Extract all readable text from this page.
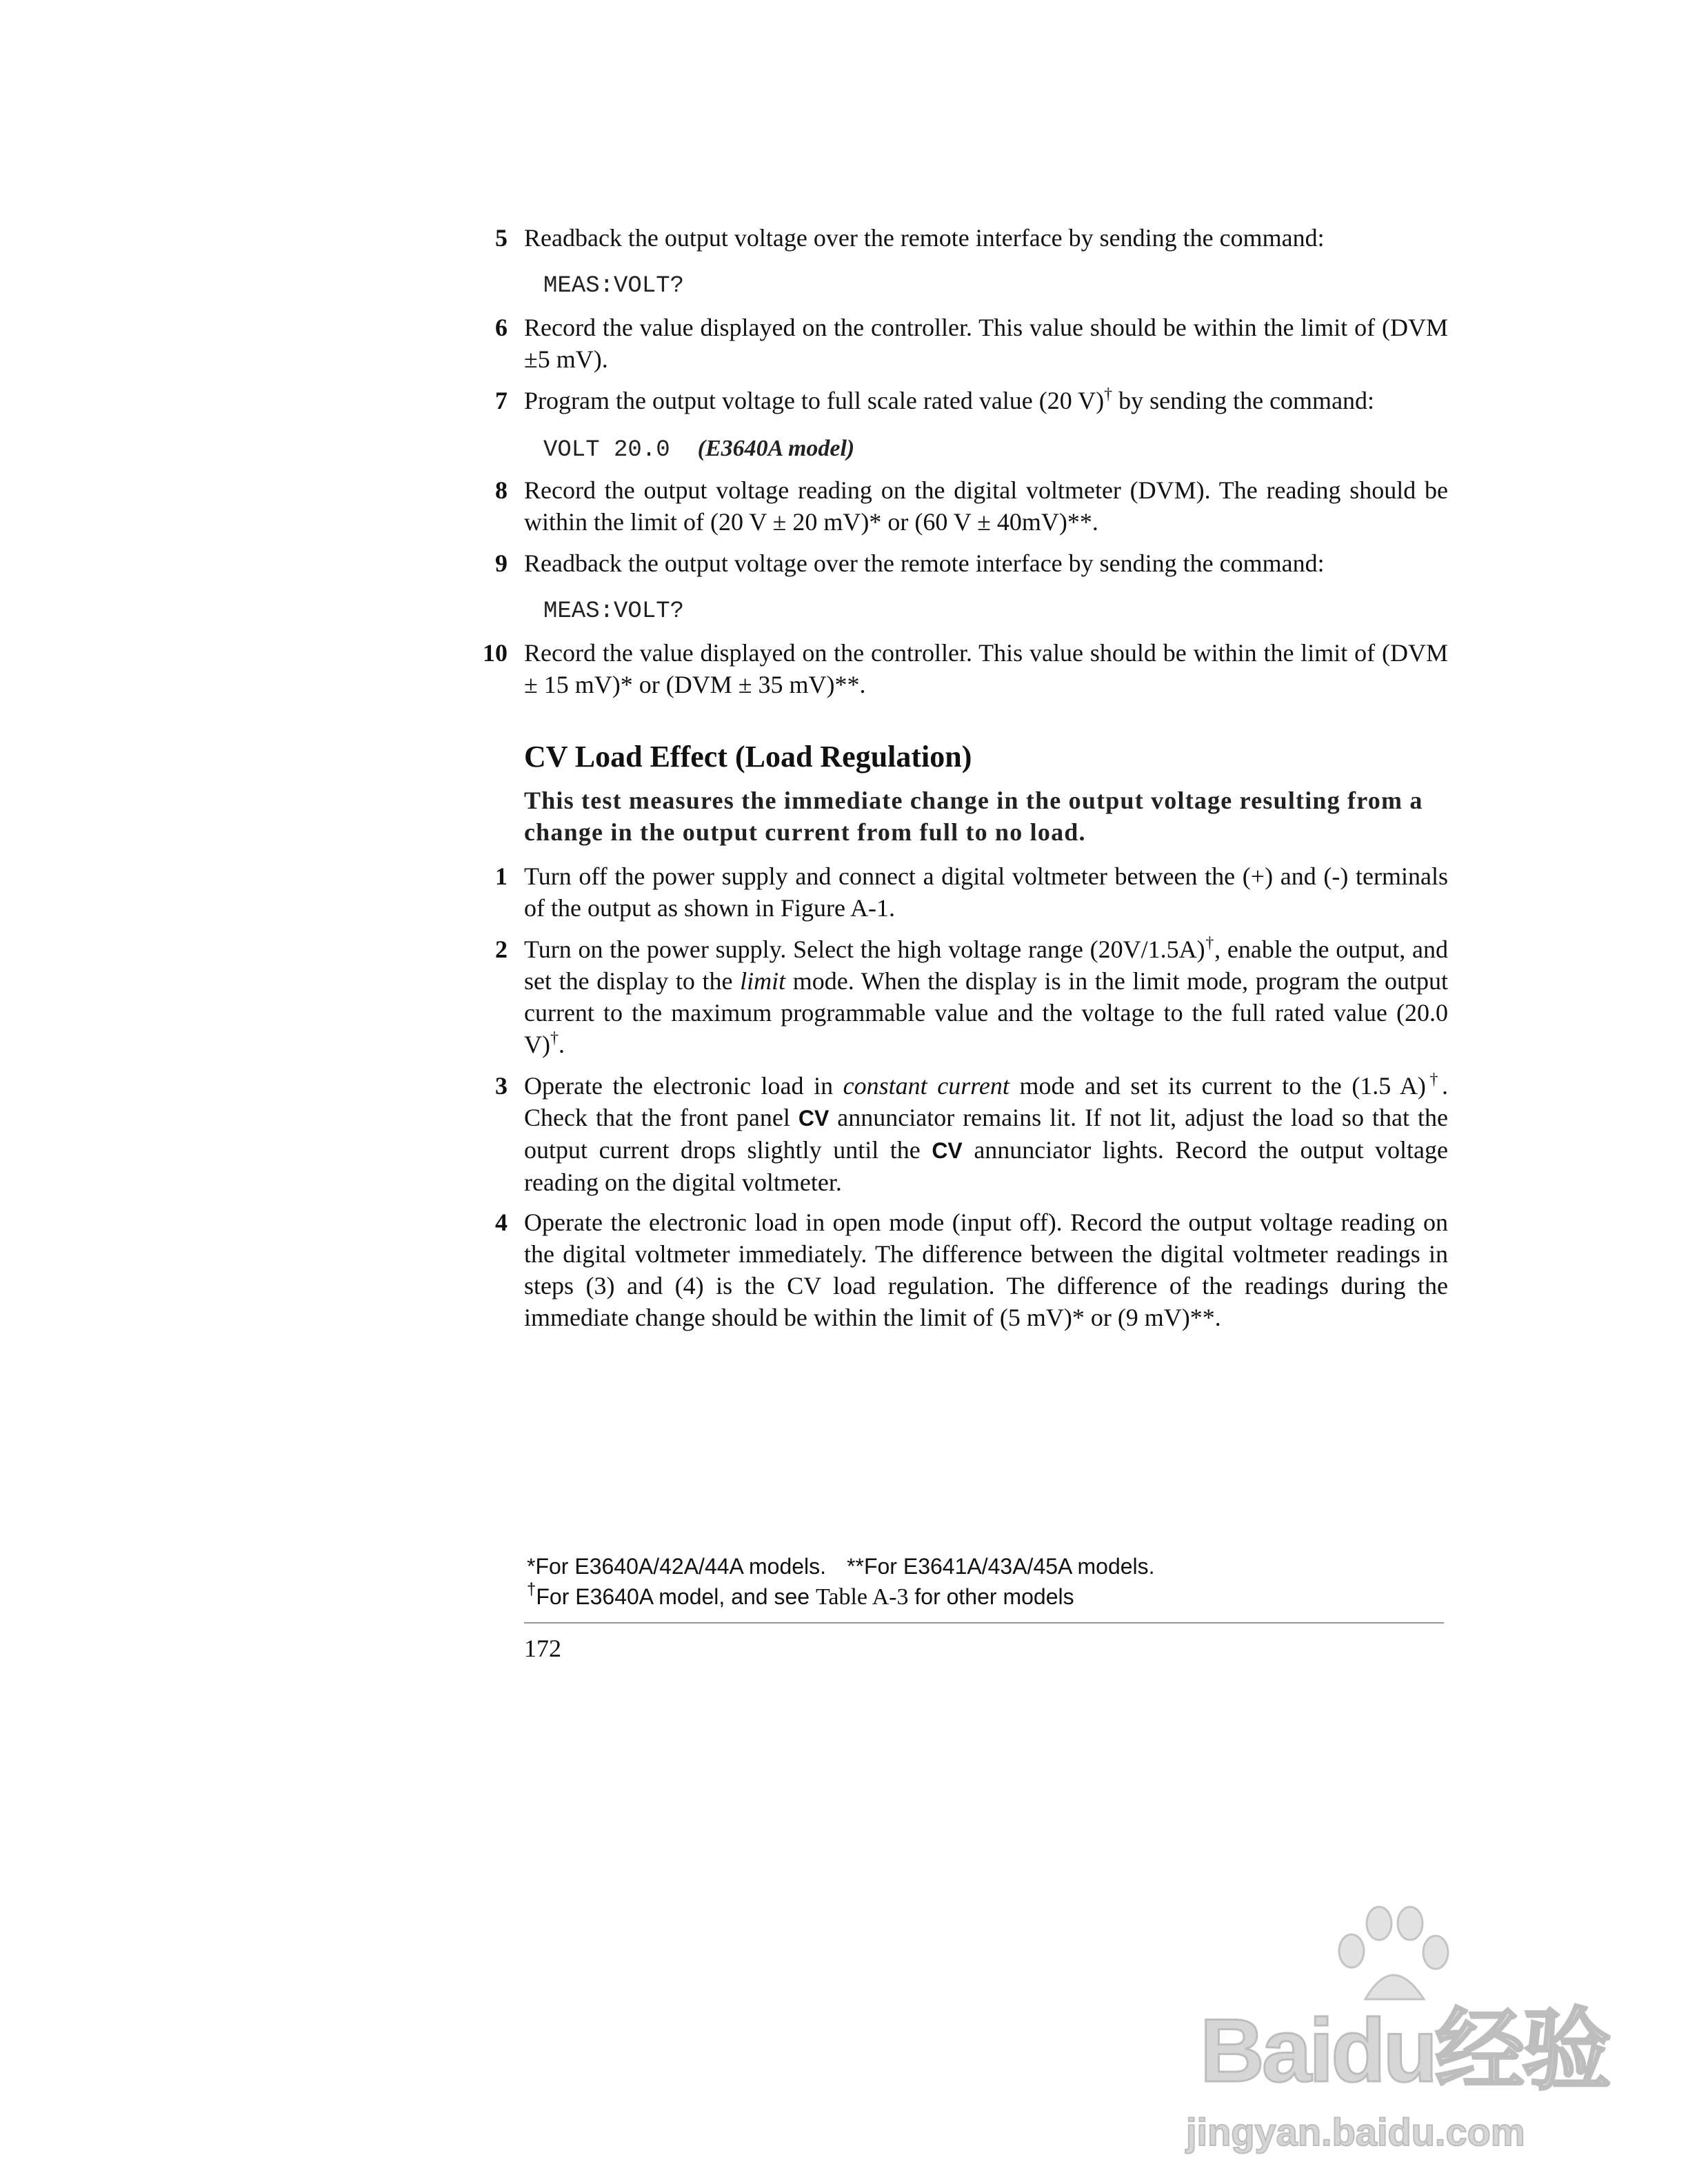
5 Readback the output voltage over the remote interface by sending the command:
MEAS:VOLT?
6 Record the value displayed on the controller. This value should be within the limit of (DVM ±5 mV).
7 Program the output voltage to full scale rated value (20 V)† by sending the command:
VOLT 20.0 (E3640A model)
8 Record the output voltage reading on the digital voltmeter (DVM). The reading should be within the limit of (20 V ± 20 mV)* or (60 V ± 40mV)**.
9 Readback the output voltage over the remote interface by sending the command:
MEAS:VOLT?
10 Record the value displayed on the controller. This value should be within the limit of (DVM ± 15 mV)* or (DVM ± 35 mV)**.
CV Load Effect (Load Regulation)
This test measures the immediate change in the output voltage resulting from a change in the output current from full to no load.
1 Turn off the power supply and connect a digital voltmeter between the (+) and (-) terminals of the output as shown in Figure A-1.
2 Turn on the power supply. Select the high voltage range (20V/1.5A)†, enable the output, and set the display to the limit mode. When the display is in the limit mode, program the output current to the maximum programmable value and the voltage to the full rated value (20.0 V)†.
3 Operate the electronic load in constant current mode and set its current to the (1.5 A)†. Check that the front panel CV annunciator remains lit. If not lit, adjust the load so that the output current drops slightly until the CV annunciator lights. Record the output voltage reading on the digital voltmeter.
4 Operate the electronic load in open mode (input off). Record the output voltage reading on the digital voltmeter immediately. The difference between the digital voltmeter readings in steps (3) and (4) is the CV load regulation. The difference of the readings during the immediate change should be within the limit of (5 mV)* or (9 mV)**.
*For E3640A/42A/44A models. **For E3641A/43A/45A models.
†For E3640A model, and see Table A-3 for other models
172
Baidu经验
jingyan.baidu.com
